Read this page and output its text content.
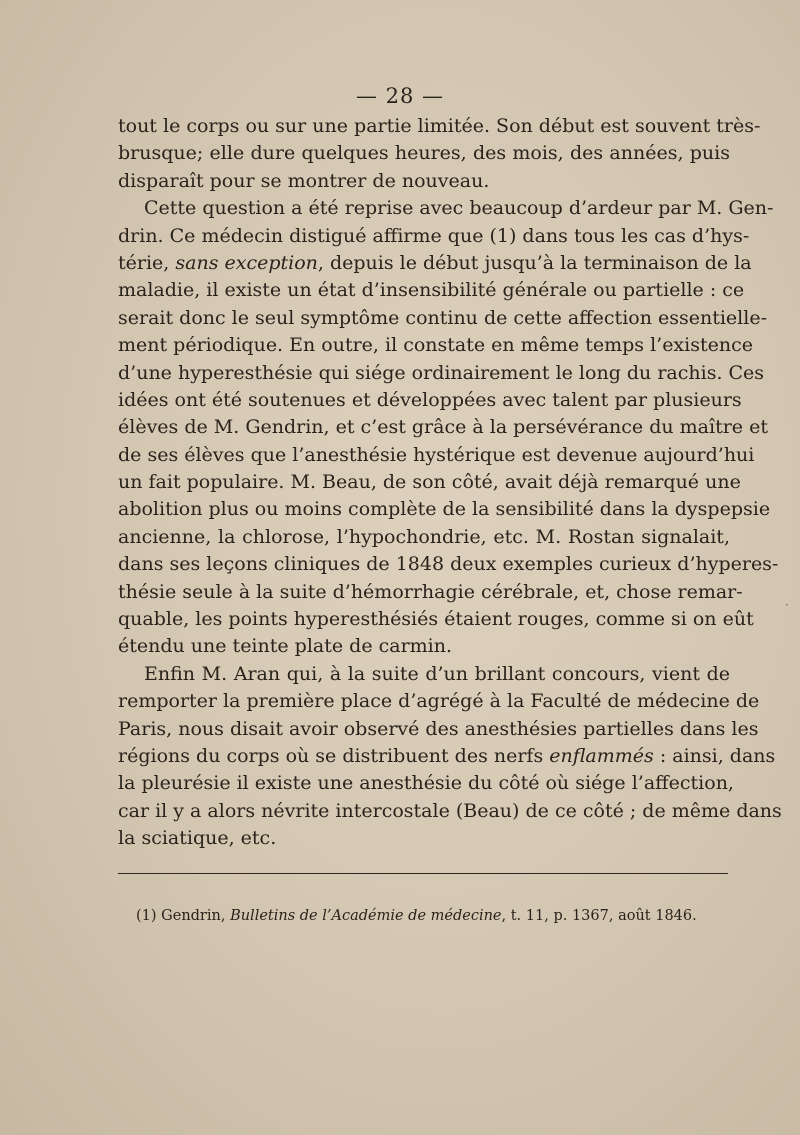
— 28 —
tout le corps ou sur une partie limitée. Son début est souvent très-
brusque; elle dure quelques heures, des mois, des années, puis
disparaît pour se montrer de nouveau.
Cette question a été reprise avec beaucoup d’ardeur par M. Gen-
drin. Ce médecin distigué affirme que (1) dans tous les cas d’hys-
térie, sans exception, depuis le début jusqu’à la terminaison de la
maladie, il existe un état d’insensibilité générale ou partielle : ce
serait donc le seul symptôme continu de cette affection essentielle-
ment périodique. En outre, il constate en même temps l’existence
d’une hyperesthésie qui siége ordinairement le long du rachis. Ces
idées ont été soutenues et développées avec talent par plusieurs
élèves de M. Gendrin, et c’est grâce à la persévérance du maître et
de ses élèves que l’anesthésie hystérique est devenue aujourd’hui
un fait populaire. M. Beau, de son côté, avait déjà remarqué une
abolition plus ou moins complète de la sensibilité dans la dyspepsie
ancienne, la chlorose, l’hypochondrie, etc. M. Rostan signalait,
dans ses leçons cliniques de 1848 deux exemples curieux d’hyperes-
thésie seule à la suite d’hémorrhagie cérébrale, et, chose remar-
quable, les points hyperesthésiés étaient rouges, comme si on eût
étendu une teinte plate de carmin.
Enfin M. Aran qui, à la suite d’un brillant concours, vient de
remporter la première place d’agrégé à la Faculté de médecine de
Paris, nous disait avoir observé des anesthésies partielles dans les
régions du corps où se distribuent des nerfs enflammés : ainsi, dans
la pleurésie il existe une anesthésie du côté où siége l’affection,
car il y a alors névrite intercostale (Beau) de ce côté ; de même dans
la sciatique, etc.
(1) Gendrin, Bulletins de l’Académie de médecine, t. 11, p. 1367, août 1846.
·
